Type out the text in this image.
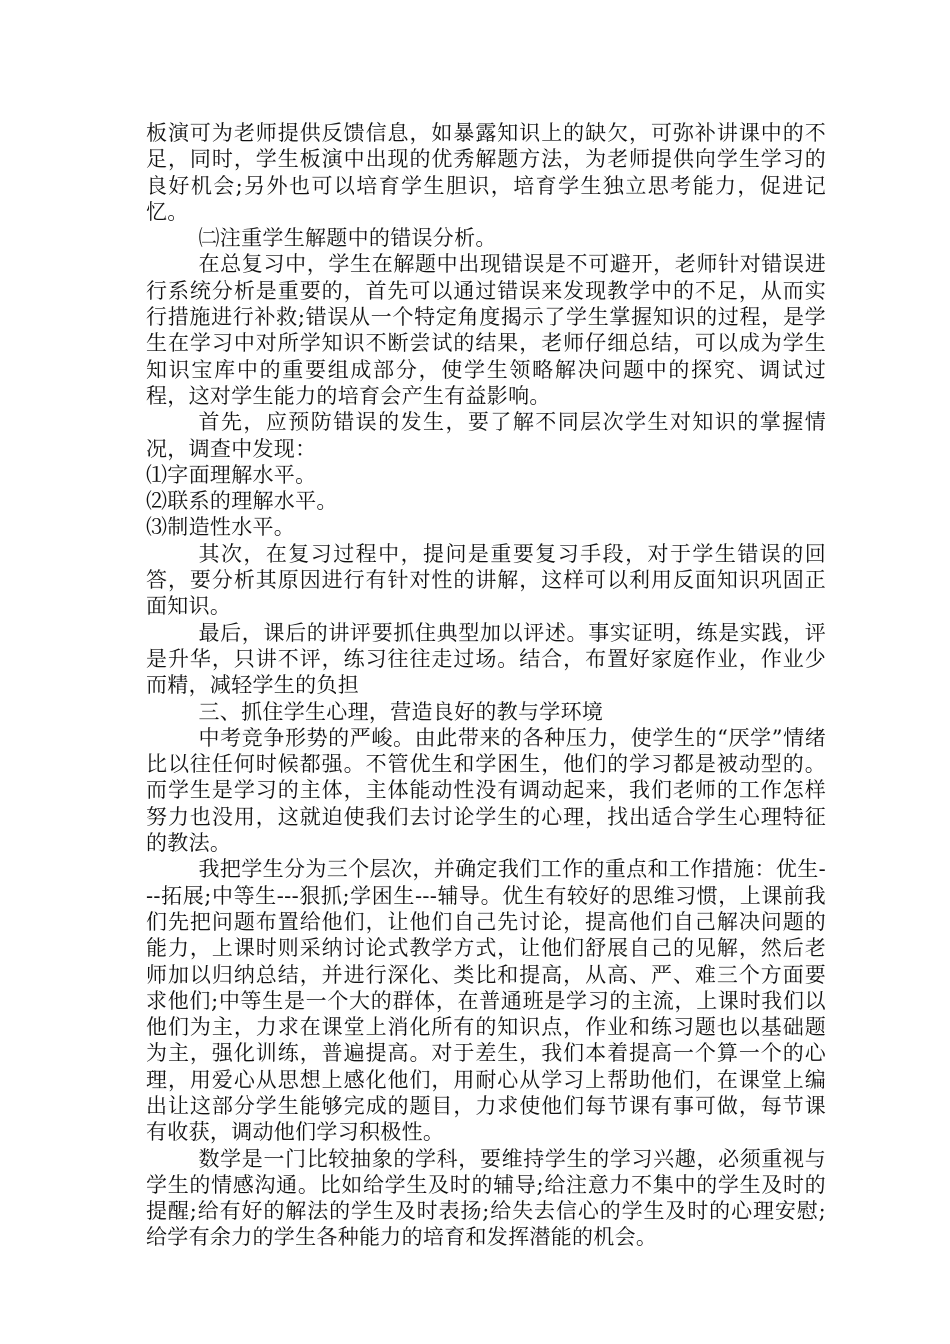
板演可为老师提供反馈信息，如暴露知识上的缺欠，可弥补讲课中的不足，同时，学生板演中出现的优秀解题方法，为老师提供向学生学习的良好机会;另外也可以培育学生胆识，培育学生独立思考能力，促进记忆。

㈡注重学生解题中的错误分析。

在总复习中，学生在解题中出现错误是不可避开，老师针对错误进行系统分析是重要的，首先可以通过错误来发现教学中的不足，从而实行措施进行补救;错误从一个特定角度揭示了学生掌握知识的过程，是学生在学习中对所学知识不断尝试的结果，老师仔细总结，可以成为学生知识宝库中的重要组成部分，使学生领略解决问题中的探究、调试过程，这对学生能力的培育会产生有益影响。

首先，应预防错误的发生，要了解不同层次学生对知识的掌握情况，调查中发现：

⑴字面理解水平。

⑵联系的理解水平。

⑶制造性水平。

其次，在复习过程中，提问是重要复习手段，对于学生错误的回答，要分析其原因进行有针对性的讲解，这样可以利用反面知识巩固正面知识。

最后，课后的讲评要抓住典型加以评述。事实证明，练是实践，评是升华，只讲不评，练习往往走过场。结合，布置好家庭作业，作业少而精，减轻学生的负担

三、抓住学生心理，营造良好的教与学环境

中考竞争形势的严峻。由此带来的各种压力，使学生的“厌学”情绪比以往任何时候都强。不管优生和学困生，他们的学习都是被动型的。而学生是学习的主体，主体能动性没有调动起来，我们老师的工作怎样努力也没用，这就迫使我们去讨论学生的心理，找出适合学生心理特征的教法。

我把学生分为三个层次，并确定我们工作的重点和工作措施：优生---拓展;中等生---狠抓;学困生---辅导。优生有较好的思维习惯，上课前我们先把问题布置给他们，让他们自己先讨论，提高他们自己解决问题的能力，上课时则采纳讨论式教学方式，让他们舒展自己的见解，然后老师加以归纳总结，并进行深化、类比和提高，从高、严、难三个方面要求他们;中等生是一个大的群体，在普通班是学习的主流，上课时我们以他们为主，力求在课堂上消化所有的知识点，作业和练习题也以基础题为主，强化训练，普遍提高。对于差生，我们本着提高一个算一个的心理，用爱心从思想上感化他们，用耐心从学习上帮助他们，在课堂上编出让这部分学生能够完成的题目，力求使他们每节课有事可做，每节课有收获，调动他们学习积极性。

数学是一门比较抽象的学科，要维持学生的学习兴趣，必须重视与学生的情感沟通。比如给学生及时的辅导;给注意力不集中的学生及时的提醒;给有好的解法的学生及时表扬;给失去信心的学生及时的心理安慰;给学有余力的学生各种能力的培育和发挥潜能的机会。
